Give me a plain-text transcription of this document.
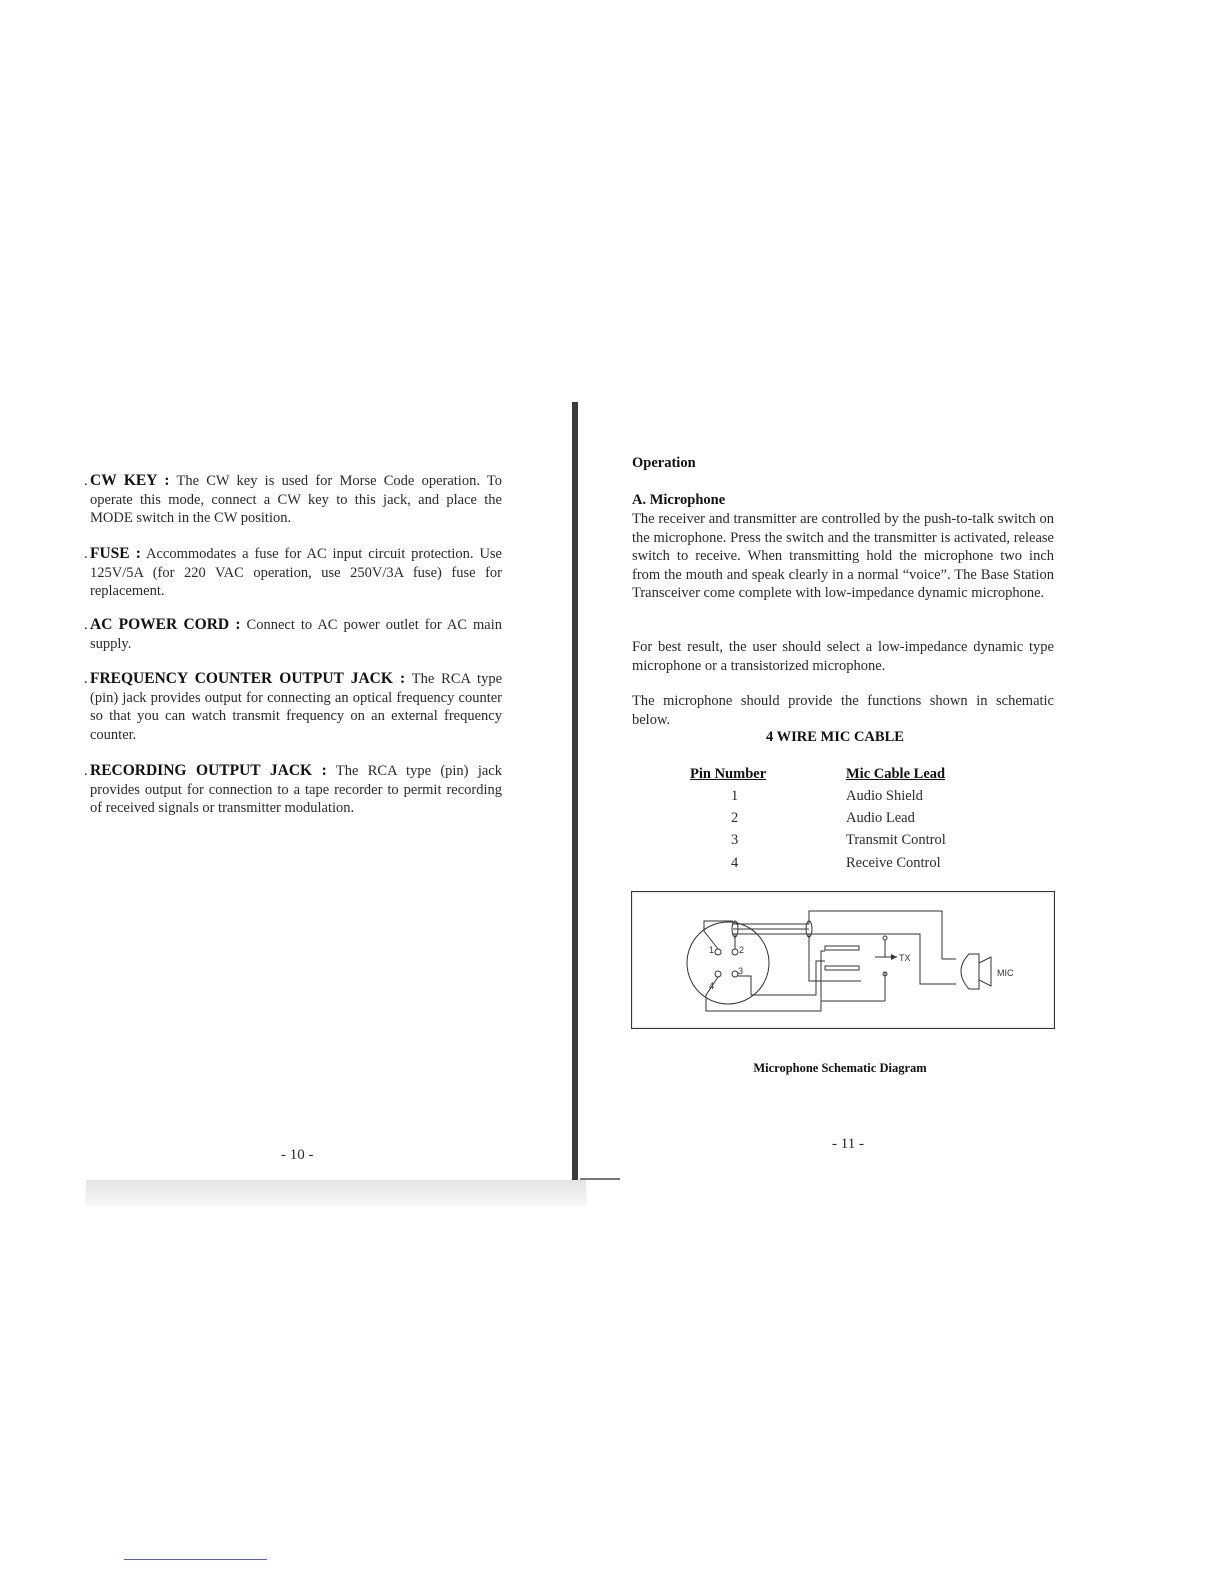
. CW KEY : The CW key is used for Morse Code operation. To operate this mode, connect a CW key to this jack, and place the MODE switch in the CW position.
. FUSE : Accommodates a fuse for AC input circuit protection. Use 125V/5A (for 220 VAC operation, use 250V/3A fuse) fuse for replacement.
. AC POWER CORD : Connect to AC power outlet for AC main supply.
. FREQUENCY COUNTER OUTPUT JACK : The RCA type (pin) jack provides output for connecting an optical frequency counter so that you can watch transmit frequency on an external frequency counter.
. RECORDING OUTPUT JACK : The RCA type (pin) jack provides output for connection to a tape recorder to permit recording of received signals or transmitter modulation.
- 10 -
Operation
A. Microphone
The receiver and transmitter are controlled by the push-to-talk switch on the microphone. Press the switch and the transmitter is activated, release switch to receive. When transmitting hold the microphone two inch from the mouth and speak clearly in a normal “voice”. The Base Station Transceiver come complete with low-impedance dynamic microphone.
For best result, the user should select a low-impedance dynamic type microphone or a transistorized microphone.
The microphone should provide the functions shown in schematic below.
4 WIRE MIC CABLE
Pin Number	Mic Cable Lead
1	Audio Shield
2	Audio Lead
3	Transmit Control
4	Receive Control
1	2
3
4
TX
MIC
Microphone Schematic Diagram
- 11 -
